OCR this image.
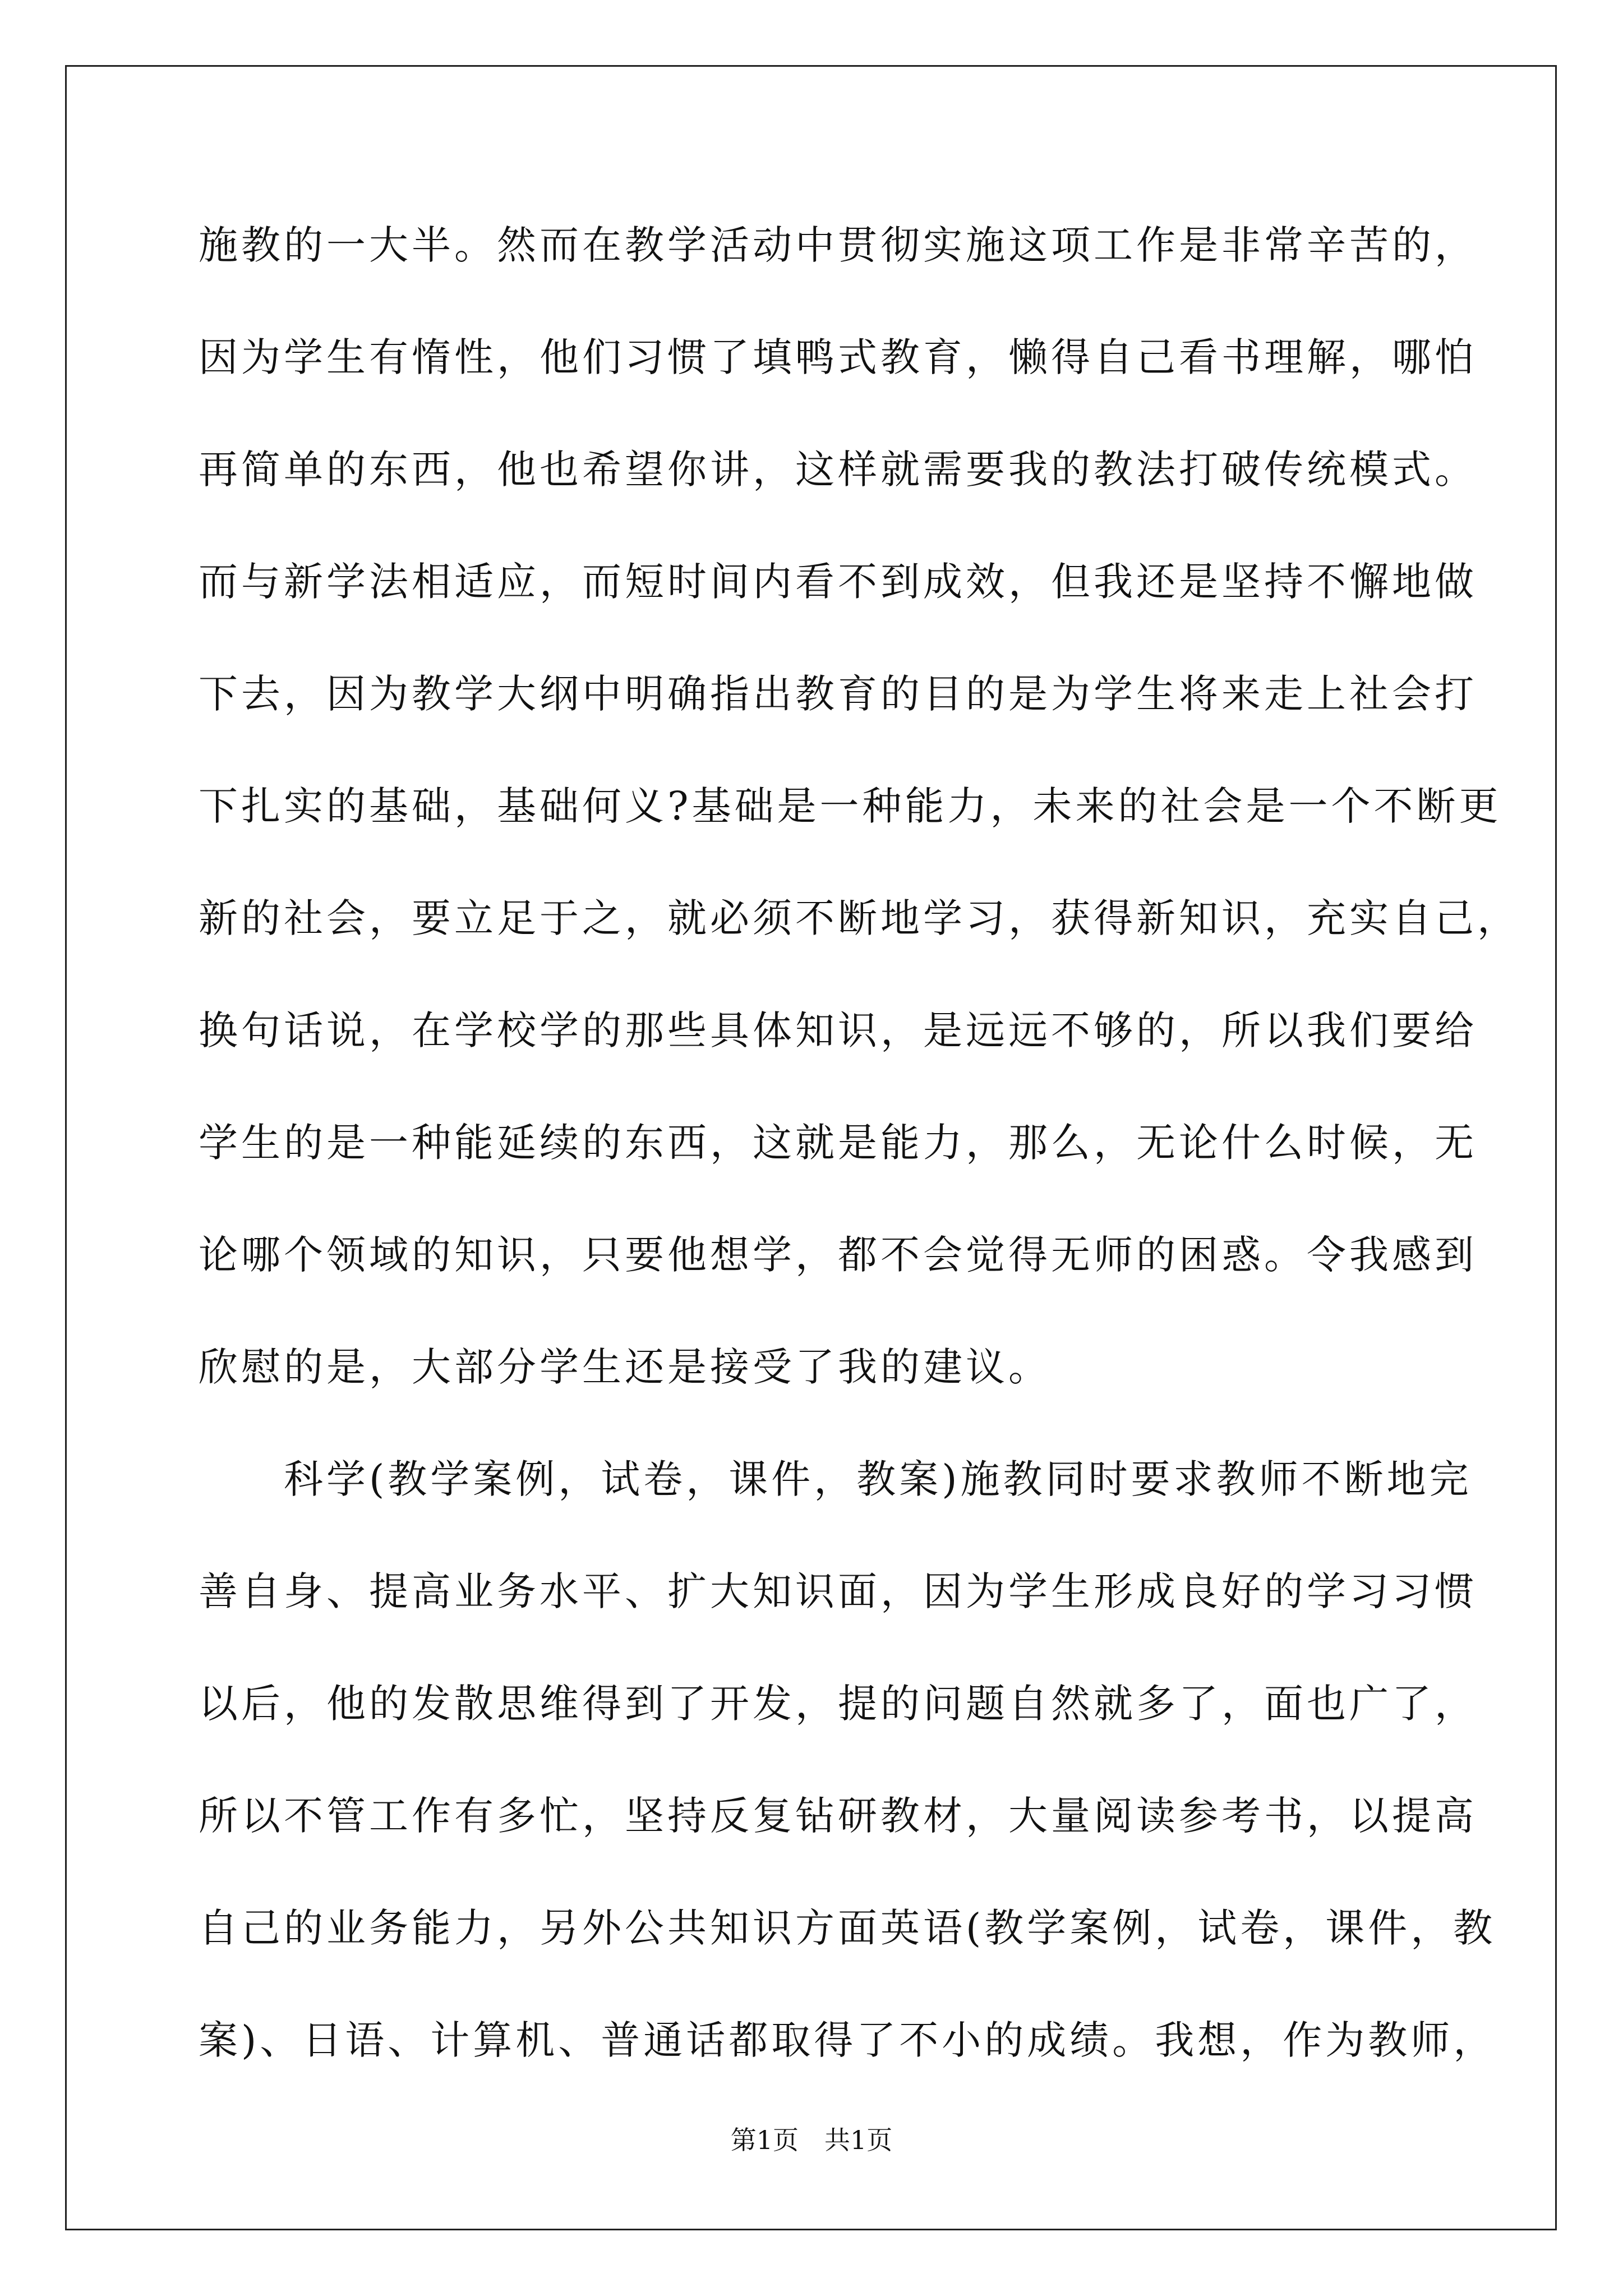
施教的一大半。然而在教学活动中贯彻实施这项工作是非常辛苦的，
因为学生有惰性，他们习惯了填鸭式教育，懒得自己看书理解，哪怕
再简单的东西，他也希望你讲，这样就需要我的教法打破传统模式。
而与新学法相适应，而短时间内看不到成效，但我还是坚持不懈地做
下去，因为教学大纲中明确指出教育的目的是为学生将来走上社会打
下扎实的基础，基础何义?基础是一种能力，未来的社会是一个不断更
新的社会，要立足于之，就必须不断地学习，获得新知识，充实自己，
换句话说，在学校学的那些具体知识，是远远不够的，所以我们要给
学生的是一种能延续的东西，这就是能力，那么，无论什么时候，无
论哪个领域的知识，只要他想学，都不会觉得无师的困惑。令我感到
欣慰的是，大部分学生还是接受了我的建议。
　　科学(教学案例，试卷，课件，教案)施教同时要求教师不断地完
善自身、提高业务水平、扩大知识面，因为学生形成良好的学习习惯
以后，他的发散思维得到了开发，提的问题自然就多了，面也广了，
所以不管工作有多忙，坚持反复钻研教材，大量阅读参考书，以提高
自己的业务能力，另外公共知识方面英语(教学案例，试卷，课件，教
案)、日语、计算机、普通话都取得了不小的成绩。我想，作为教师，
第1页　共1页
